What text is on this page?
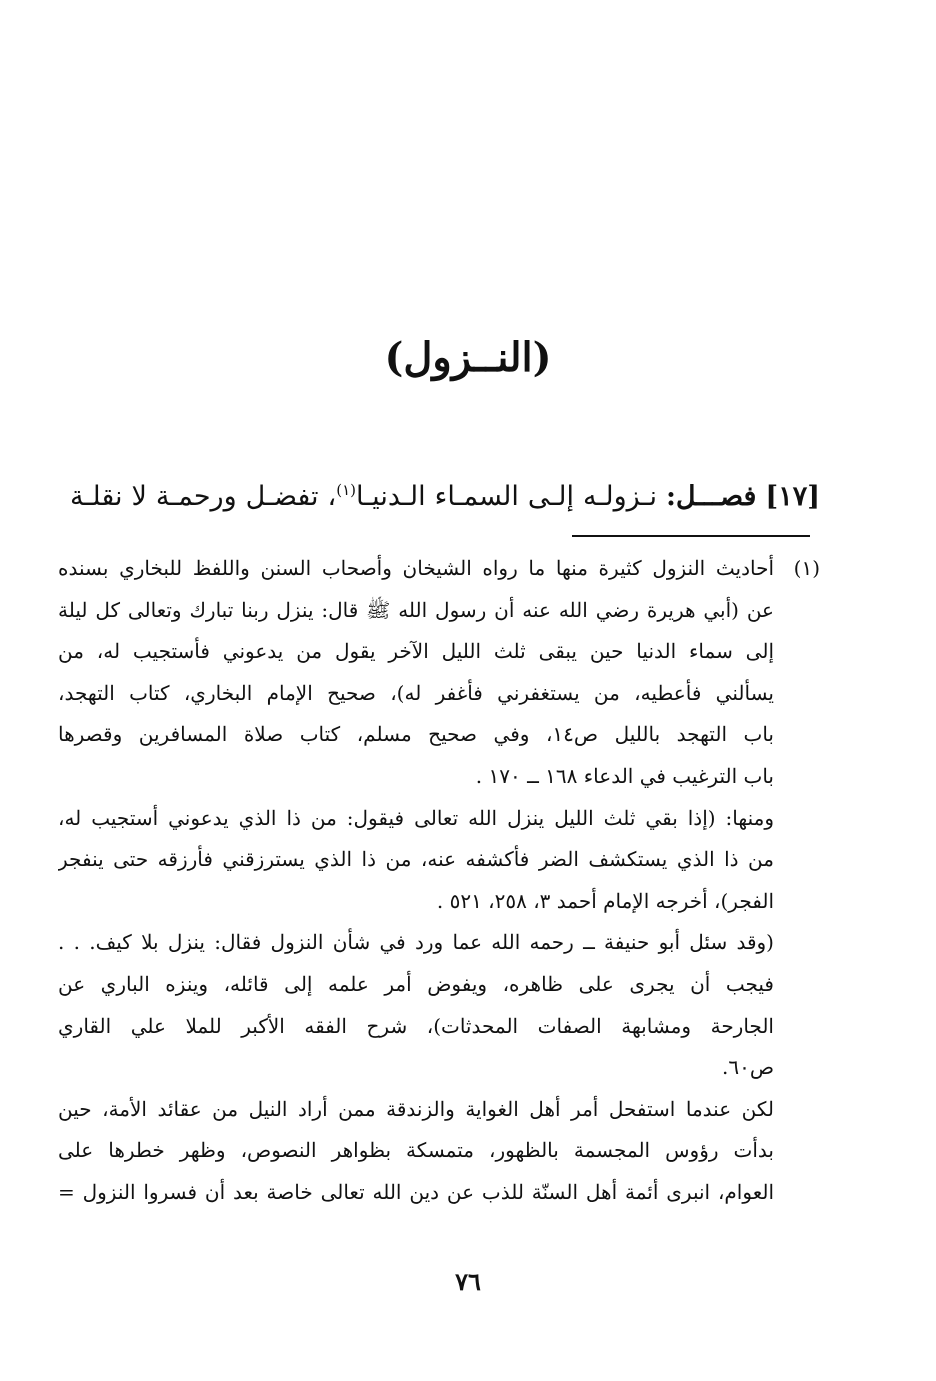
(النــزول)
[١٧] فصـــل: نـزولـه إلـى السمـاء الـدنيـا$^{(١)}$، تفضـل ورحمـة لا نقلـة
(١)أحاديث النزول كثيرة منها ما رواه الشيخان وأصحاب السنن واللفظ للبخاري بسنده
عن (أبي هريرة رضي الله عنه أن رسول الله ﷺ قال: ينزل ربنا تبارك وتعالى كل ليلة
إلى سماء الدنيا حين يبقى ثلث الليل الآخر يقول من يدعوني فأستجيب له، من
يسألني فأعطيه، من يستغفرني فأغفر له)، صحيح الإمام البخاري، كتاب التهجد،
باب التهجد بالليل ص١٤، وفي صحيح مسلم، كتاب صلاة المسافرين وقصرها
باب الترغيب في الدعاء ١٦٨ ــ ١٧٠ .
ومنها: (إذا بقي ثلث الليل ينزل الله تعالى فيقول: من ذا الذي يدعوني أستجيب له،
من ذا الذي يستكشف الضر فأكشفه عنه، من ذا الذي يسترزقني فأرزقه حتى ينفجر
الفجر)، أخرجه الإمام أحمد ٣، ٢٥٨، ٥٢١ .
(وقد سئل أبو حنيفة ــ رحمه الله عما ورد في شأن النزول فقال: ينزل بلا كيف. . .
فيجب أن يجرى على ظاهره، ويفوض أمر علمه إلى قائله، وينزه الباري عن
الجارحة ومشابهة الصفات المحدثات)، شرح الفقه الأكبر للملا علي القاري
ص٦٠.
لكن عندما استفحل أمر أهل الغواية والزندقة ممن أراد النيل من عقائد الأمة، حين
بدأت رؤوس المجسمة بالظهور، متمسكة بظواهر النصوص، وظهر خطرها على
العوام، انبرى أئمة أهل السنّة للذب عن دين الله تعالى خاصة بعد أن فسروا النزول =
٧٦
